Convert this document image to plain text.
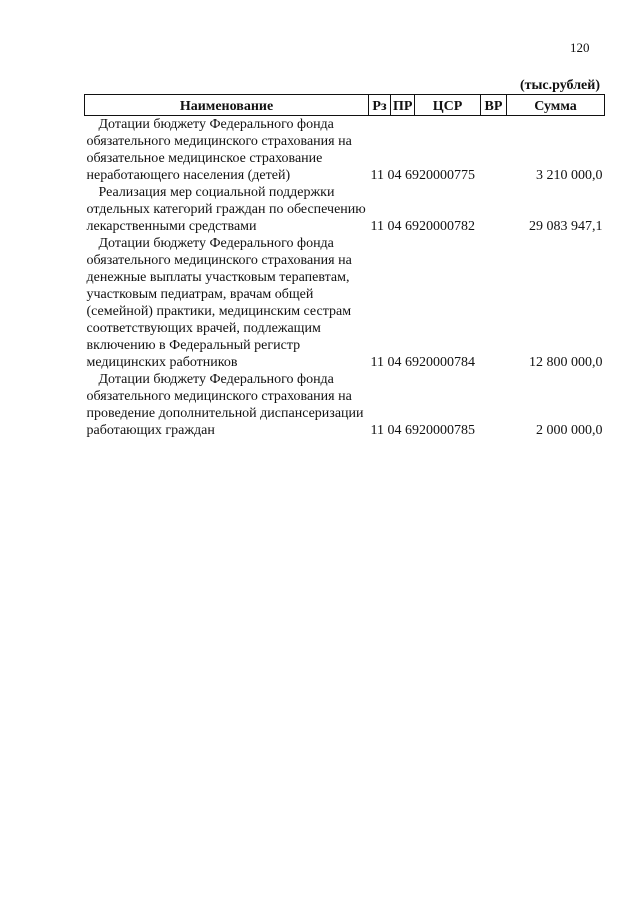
120
(тыс.рублей)
Наименование	Рз	ПР	ЦСР	ВР	Сумма
Дотации бюджету Федерального фонда обязательного медицинского страхования на обязательное медицинское страхование неработающего населения (детей)	11 04 6920000775				3 210 000,0
Реализация мер социальной поддержки отдельных категорий граждан по обеспечению лекарственными средствами	11 04 6920000782				29 083 947,1
Дотации бюджету Федерального фонда обязательного медицинского страхования на денежные выплаты участковым терапевтам, участковым педиатрам, врачам общей (семейной) практики, медицинским сестрам соответствующих врачей, подлежащим включению в Федеральный регистр медицинских работников	11 04 6920000784				12 800 000,0
Дотации бюджету Федерального фонда обязательного медицинского страхования на проведение дополнительной диспансеризации работающих граждан	11 04 6920000785				2 000 000,0
